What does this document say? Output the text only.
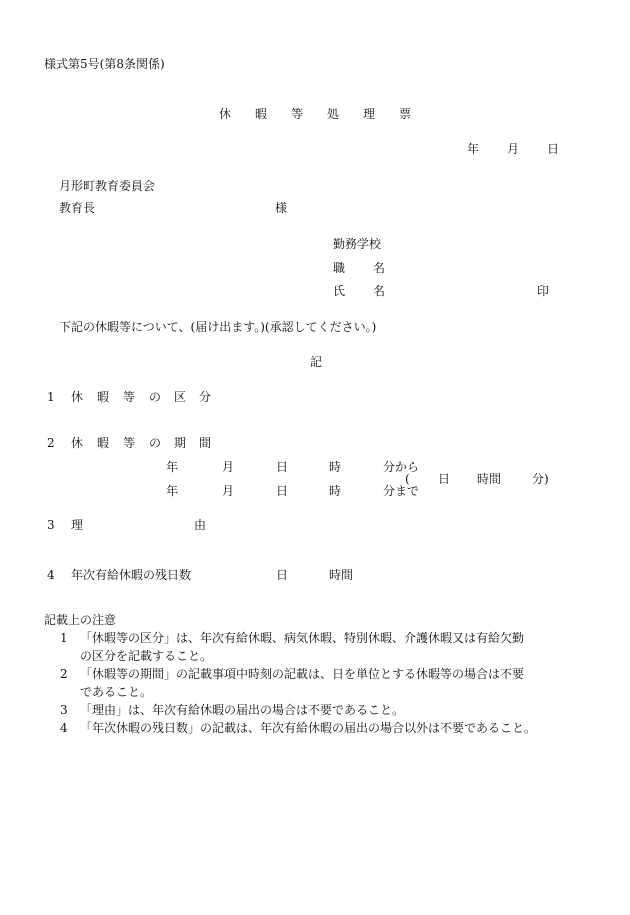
様式第5号(第8条関係)
休 暇 等 処 理 票
年 月 日
月形町教育委員会
教育長	様
勤務学校
職 名
氏 名	印
下記の休暇等について、(届け出ます。)(承認してください。)
記
1 休 暇 等 の 区 分
2 休 暇 等 の 期 間
年	月	日	時	分から
( 日 時間	分)
年	月	日	時	分まで
3 理	由
4 年次有給休暇の残日数	日	時間
記載上の注意
1 「休暇等の区分」は、年次有給休暇、病気休暇、特別休暇、介護休暇又は有給欠勤
の区分を記載すること。
2 「休暇等の期間」の記載事項中時刻の記載は、日を単位とする休暇等の場合は不要
であること。
3 「理由」は、年次有給休暇の届出の場合は不要であること。
4 「年次休暇の残日数」の記載は、年次有給休暇の届出の場合以外は不要であること。
